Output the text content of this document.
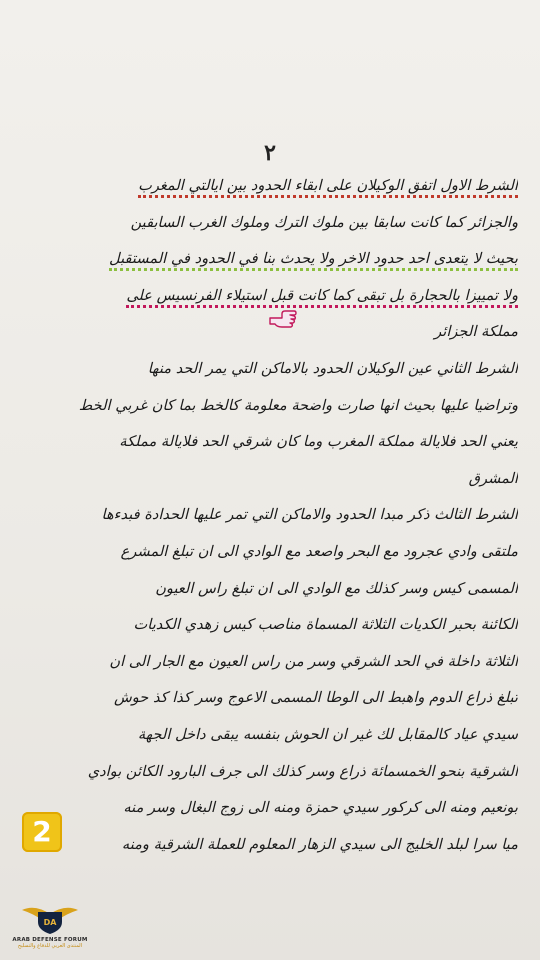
٢
الشرط الاول اتفق الوكيلان على ابقاء الحدود بين ايالتي المغرب
والجزائر كما كانت سابقا بين ملوك الترك وملوك الغرب السابقين
بحيث لا يتعدى احد حدود الاخر ولا يحدث بنا في الحدود في المستقبل
ولا تمييزا بالحجارة بل تبقى كما كانت قبل استيلاء الفرنسيس على
مملكة الجزائر
الشرط الثاني عين الوكيلان الحدود بالاماكن التي يمر الحد منها
وتراضيا عليها بحيث انها صارت واضحة معلومة كالخط بما كان غربي الخط
يعني الحد فلايالة مملكة المغرب وما كان شرقي الحد فلايالة مملكة
المشرق
الشرط الثالث ذكر مبدا الحدود والاماكن التي تمر عليها الحدادة فبدءها
ملتقى وادي عجرود مع البحر واصعد مع الوادي الى ان تبلغ المشرع
المسمى كيس وسر كذلك مع الوادي الى ان تبلغ راس العيون
الكائنة بحبر الكديات الثلاثة المسماة مناصب كيس زهدي الكديات
الثلاثة داخلة في الحد الشرقي وسر من راس العيون مع الجار الى ان
تبلغ ذراع الدوم واهبط الى الوطا المسمى الاعوج وسر كذا كذ حوش
سيدي عياد كالمقابل لك غير ان الحوش بنفسه يبقى داخل الجهة
الشرقية بنحو الخمسمائة ذراع وسر كذلك الى جرف البارود الكائن بوادي
بونعيم ومنه الى كركور سيدي حمزة ومنه الى زوج البغال وسر منه
ميا سرا لبلد الخليج الى سيدي الزهار المعلوم للعملة الشرقية ومنه
2
DA
ARAB DEFENSE FORUM
المنتدى العربي للدفاع والتسليح
